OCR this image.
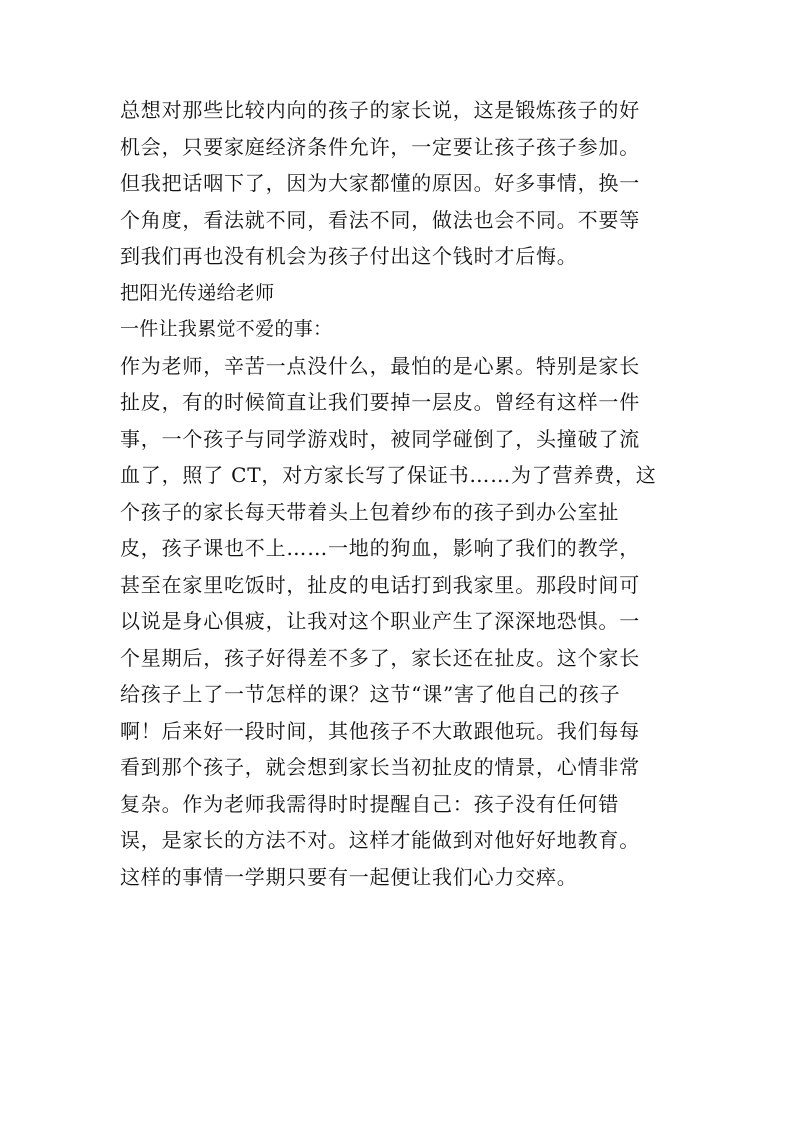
总想对那些比较内向的孩子的家长说，这是锻炼孩子的好
机会，只要家庭经济条件允许，一定要让孩子孩子参加。
但我把话咽下了，因为大家都懂的原因。好多事情，换一
个角度，看法就不同，看法不同，做法也会不同。不要等
到我们再也没有机会为孩子付出这个钱时才后悔。
把阳光传递给老师
一件让我累觉不爱的事：
作为老师，辛苦一点没什么，最怕的是心累。特别是家长
扯皮，有的时候简直让我们要掉一层皮。曾经有这样一件
事，一个孩子与同学游戏时，被同学碰倒了，头撞破了流
血了，照了 CT，对方家长写了保证书……为了营养费，这
个孩子的家长每天带着头上包着纱布的孩子到办公室扯
皮，孩子课也不上……一地的狗血，影响了我们的教学，
甚至在家里吃饭时，扯皮的电话打到我家里。那段时间可
以说是身心俱疲，让我对这个职业产生了深深地恐惧。一
个星期后，孩子好得差不多了，家长还在扯皮。这个家长
给孩子上了一节怎样的课？这节“课”害了他自己的孩子
啊！后来好一段时间，其他孩子不大敢跟他玩。我们每每
看到那个孩子，就会想到家长当初扯皮的情景，心情非常
复杂。作为老师我需得时时提醒自己：孩子没有任何错
误，是家长的方法不对。这样才能做到对他好好地教育。
这样的事情一学期只要有一起便让我们心力交瘁。
